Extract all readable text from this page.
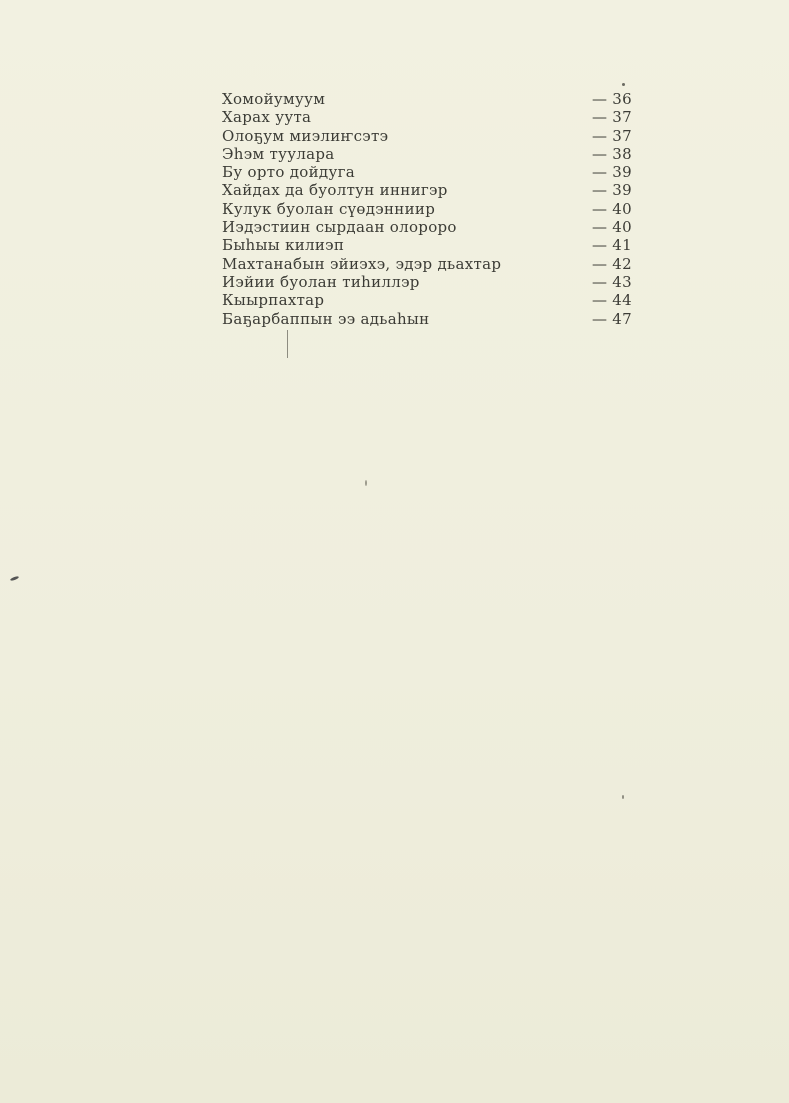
Хомойумуум	— 36
Харах уута	— 37
Олоҕум миэлиҥсэтэ	— 37
Эһэм туулара	— 38
Бу орто дойдуга	— 39
Хайдах да буолтун иннигэр	— 39
Кулук буолан сүөдэнниир	— 40
Иэдэстиин сырдаан олороро	— 40
Быһыы килиэп	— 41
Махтанабын эйиэхэ, эдэр дьахтар	— 42
Иэйии буолан тиһиллэр	— 43
Кыырпахтар	— 44
Баҕарбаппын ээ адьаһын	— 47
